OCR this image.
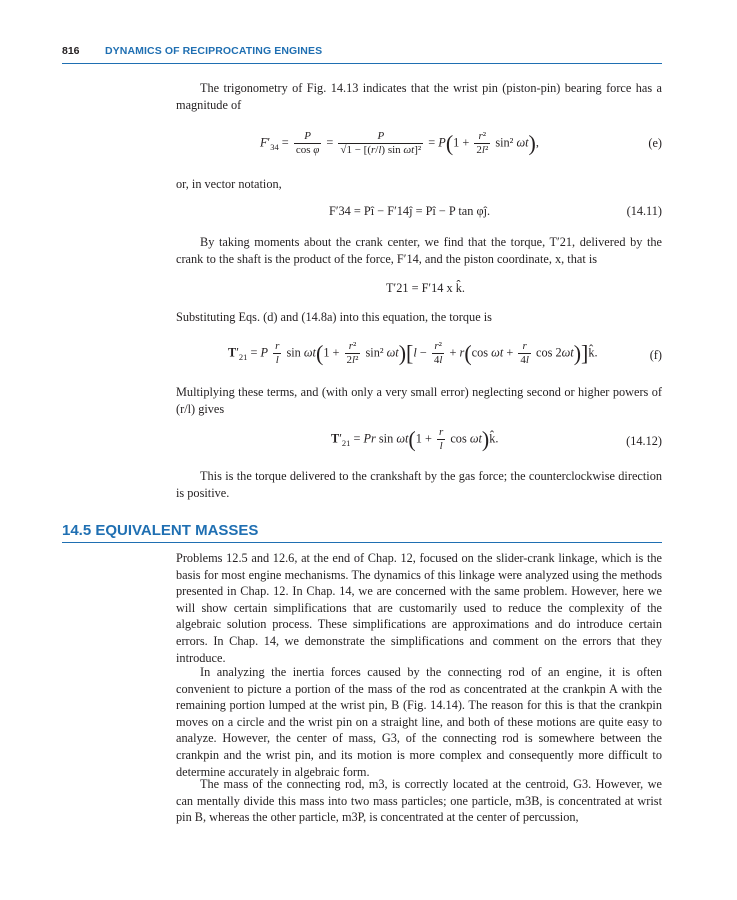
816 DYNAMICS OF RECIPROCATING ENGINES

The trigonometry of Fig. 14.13 indicates that the wrist pin (piston-pin) bearing force has a magnitude of

$F'_{34} = \frac{P}{\text{cos φ}} = \frac{P}{\text{√1 − [(r/l) sin ωt]²}} = P(1 + \frac{\text{r²}}{\text{2l²}} \sin^2$ ωt),	(e)

or, in vector notation,

F′34 = Pî − F′14ĵ = Pî − P tan φĵ.	(14.11)

By taking moments about the crank center, we find that the torque, T′21, delivered by the crank to the shaft is the product of the force, F′14, and the piston coordinate, x, that is

T′21 = F′14 x k̂.

Substituting Eqs. (d) and (14.8a) into this equation, the torque is

$T'_{21} = P \frac{r}{l}$ $\sin \omega t(1 + \frac{\text{r²}}{\text{2l²}} \sin^2$ $\omega t)[l - \frac{\text{r²}}{4l} + r(\cos$ $\omega t + \frac{r}{4l}$ cos 2ωt)]k̂.	(f)

Multiplying these terms, and (with only a very small error) neglecting second or higher powers of (r/l) gives

$T'_{21} = Pr$ $\sin \omega t(1 + \frac{r}{l}$ cos ωt)k̂.	(14.12)

This is the torque delivered to the crankshaft by the gas force; the counterclockwise direction is positive.

14.5 EQUIVALENT MASSES

Problems 12.5 and 12.6, at the end of Chap. 12, focused on the slider-crank linkage, which is the basis for most engine mechanisms. The dynamics of this linkage were analyzed using the methods presented in Chap. 12. In Chap. 14, we are concerned with the same problem. However, here we will show certain simplifications that are customarily used to reduce the complexity of the algebraic solution process. These simplifications are approximations and do introduce certain errors. In Chap. 14, we demonstrate the simplifications and comment on the errors that they introduce.

In analyzing the inertia forces caused by the connecting rod of an engine, it is often convenient to picture a portion of the mass of the rod as concentrated at the crankpin A with the remaining portion lumped at the wrist pin, B (Fig. 14.14). The reason for this is that the crankpin moves on a circle and the wrist pin on a straight line, and both of these motions are quite easy to analyze. However, the center of mass, G3, of the connecting rod is somewhere between the crankpin and the wrist pin, and its motion is more complex and consequently more difficult to determine accurately in algebraic form.

The mass of the connecting rod, m3, is correctly located at the centroid, G3. However, we can mentally divide this mass into two mass particles; one particle, m3B, is concentrated at wrist pin B, whereas the other particle, m3P, is concentrated at the center of percussion,
